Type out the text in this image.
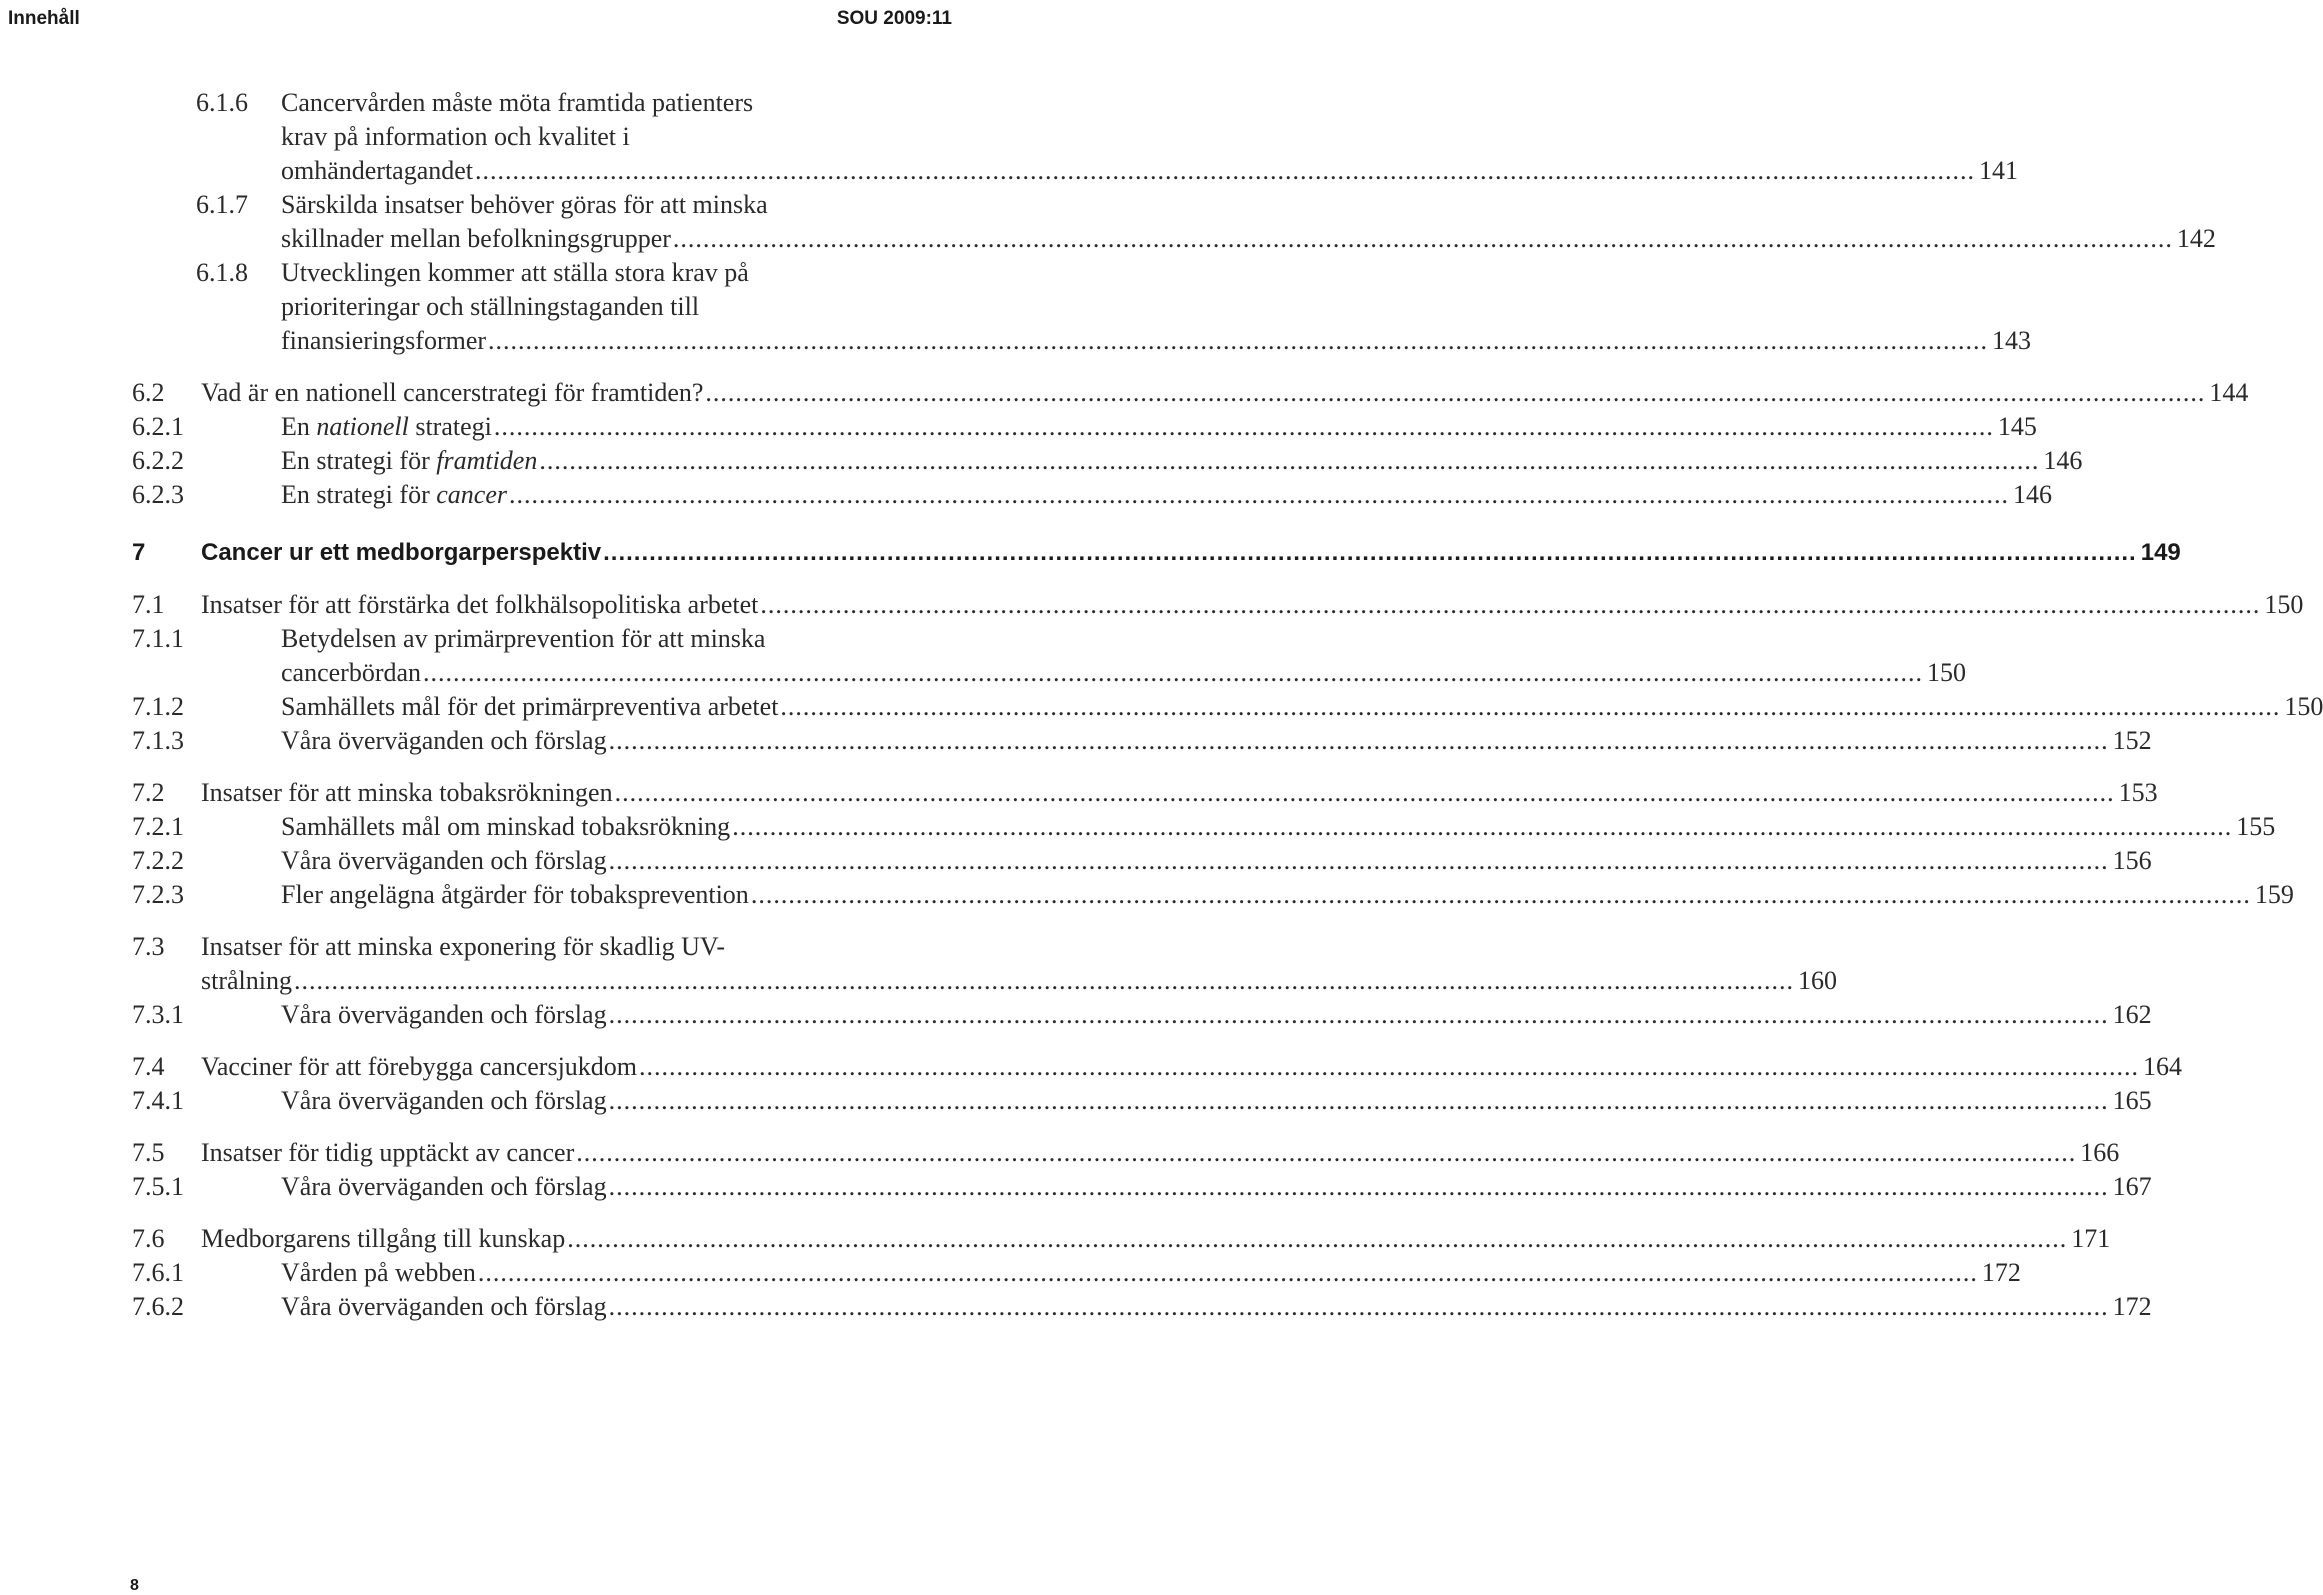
Innehåll	SOU 2009:11
6.1.6 Cancervården måste möta framtida patienters
krav på information och kvalitet i
omhändertagandet ........................................................................................................................................................................................................ 141
6.1.7 Särskilda insatser behöver göras för att minska
skillnader mellan befolkningsgrupper ........................................................................................................................................................................................................ 142
6.1.8 Utvecklingen kommer att ställa stora krav på
prioriteringar och ställningstaganden till
finansieringsformer ........................................................................................................................................................................................................ 143
6.2 Vad är en nationell cancerstrategi för framtiden? ........................................................................................................................................................................................................ 144
6.2.1	En nationell strategi ........................................................................................................................................................................................................ 145
6.2.2	En strategi för framtiden ........................................................................................................................................................................................................ 146
6.2.3	En strategi för cancer ........................................................................................................................................................................................................ 146
7 Cancer ur ett medborgarperspektiv ........................................................................................................................................................................................................ 149
7.1 Insatser för att förstärka det folkhälsopolitiska arbetet ........................................................................................................................................................................................................ 150
7.1.1	Betydelsen av primärprevention för att minska
cancerbördan ........................................................................................................................................................................................................ 150
7.1.2	Samhällets mål för det primärpreventiva arbetet ........................................................................................................................................................................................................ 150
7.1.3	Våra överväganden och förslag ........................................................................................................................................................................................................ 152
7.2 Insatser för att minska tobaksrökningen ........................................................................................................................................................................................................ 153
7.2.1	Samhällets mål om minskad tobaksrökning ........................................................................................................................................................................................................ 155
7.2.2	Våra överväganden och förslag ........................................................................................................................................................................................................ 156
7.2.3	Fler angelägna åtgärder för tobaksprevention ........................................................................................................................................................................................................ 159
7.3 Insatser för att minska exponering för skadlig UV-
strålning ........................................................................................................................................................................................................ 160
7.3.1	Våra överväganden och förslag ........................................................................................................................................................................................................ 162
7.4 Vacciner för att förebygga cancersjukdom ........................................................................................................................................................................................................ 164
7.4.1	Våra överväganden och förslag ........................................................................................................................................................................................................ 165
7.5 Insatser för tidig upptäckt av cancer ........................................................................................................................................................................................................ 166
7.5.1	Våra överväganden och förslag ........................................................................................................................................................................................................ 167
7.6 Medborgarens tillgång till kunskap ........................................................................................................................................................................................................ 171
7.6.1	Vården på webben ........................................................................................................................................................................................................ 172
7.6.2	Våra överväganden och förslag ........................................................................................................................................................................................................ 172
8
